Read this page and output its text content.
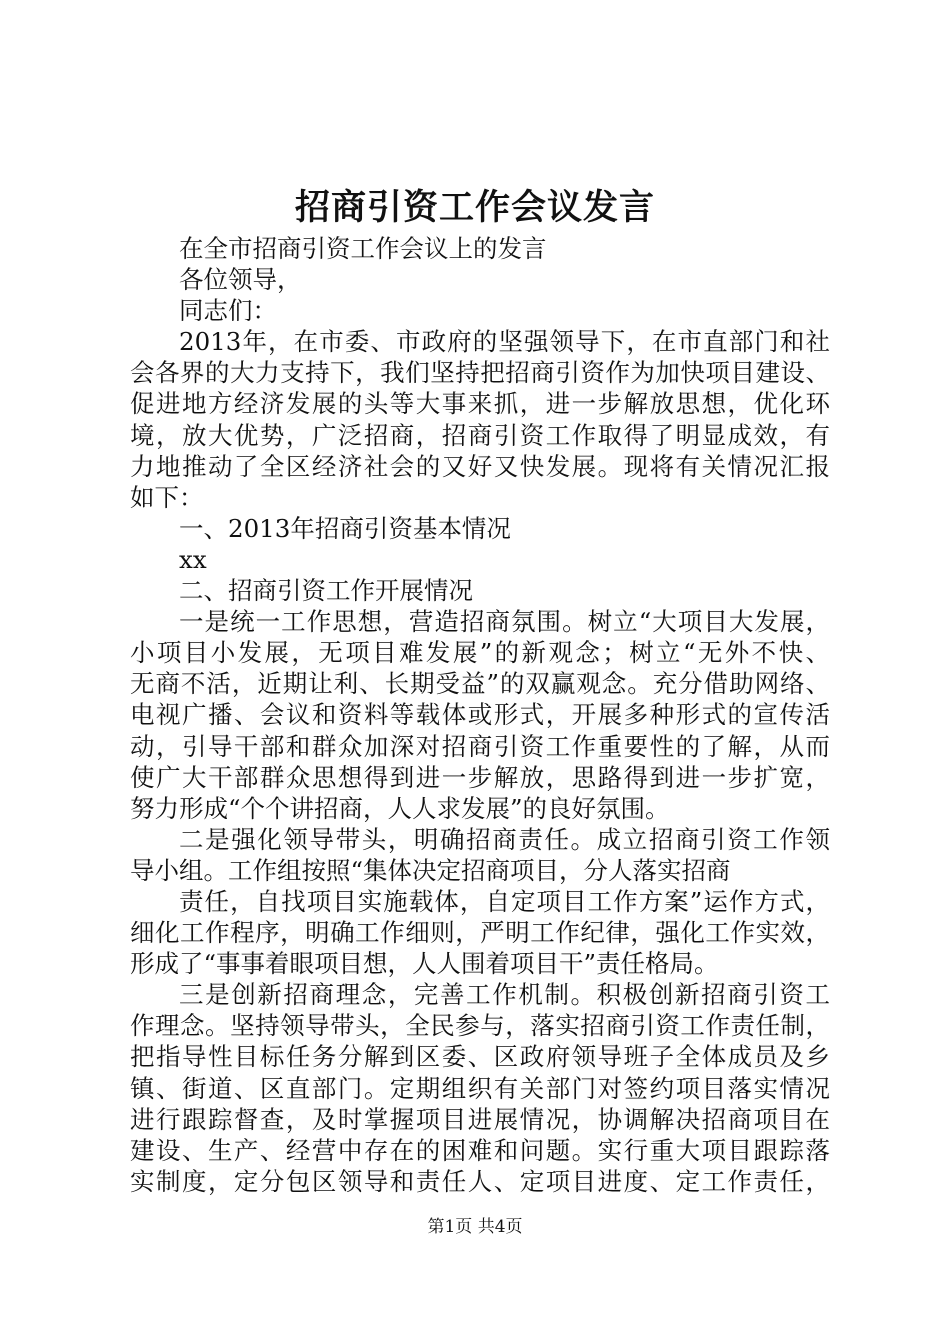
招商引资工作会议发言
在全市招商引资工作会议上的发言
各位领导，
同志们：
2013年，在市委、市政府的坚强领导下，在市直部门和社
会各界的大力支持下，我们坚持把招商引资作为加快项目建设、
促进地方经济发展的头等大事来抓，进一步解放思想，优化环
境，放大优势，广泛招商，招商引资工作取得了明显成效，有
力地推动了全区经济社会的又好又快发展。现将有关情况汇报
如下：
一、2013年招商引资基本情况
xx
二、招商引资工作开展情况
一是统一工作思想，营造招商氛围。树立“大项目大发展，
小项目小发展，无项目难发展”的新观念；树立“无外不快、
无商不活，近期让利、长期受益”的双赢观念。充分借助网络、
电视广播、会议和资料等载体或形式，开展多种形式的宣传活
动，引导干部和群众加深对招商引资工作重要性的了解，从而
使广大干部群众思想得到进一步解放，思路得到进一步扩宽，
努力形成“个个讲招商，人人求发展”的良好氛围。
二是强化领导带头，明确招商责任。成立招商引资工作领
导小组。工作组按照“集体决定招商项目，分人落实招商
责任，自找项目实施载体，自定项目工作方案”运作方式，
细化工作程序，明确工作细则，严明工作纪律，强化工作实效，
形成了“事事着眼项目想，人人围着项目干”责任格局。
三是创新招商理念，完善工作机制。积极创新招商引资工
作理念。坚持领导带头，全民参与，落实招商引资工作责任制，
把指导性目标任务分解到区委、区政府领导班子全体成员及乡
镇、街道、区直部门。定期组织有关部门对签约项目落实情况
进行跟踪督查，及时掌握项目进展情况，协调解决招商项目在
建设、生产、经营中存在的困难和问题。实行重大项目跟踪落
实制度，定分包区领导和责任人、定项目进度、定工作责任，
第1页 共4页
